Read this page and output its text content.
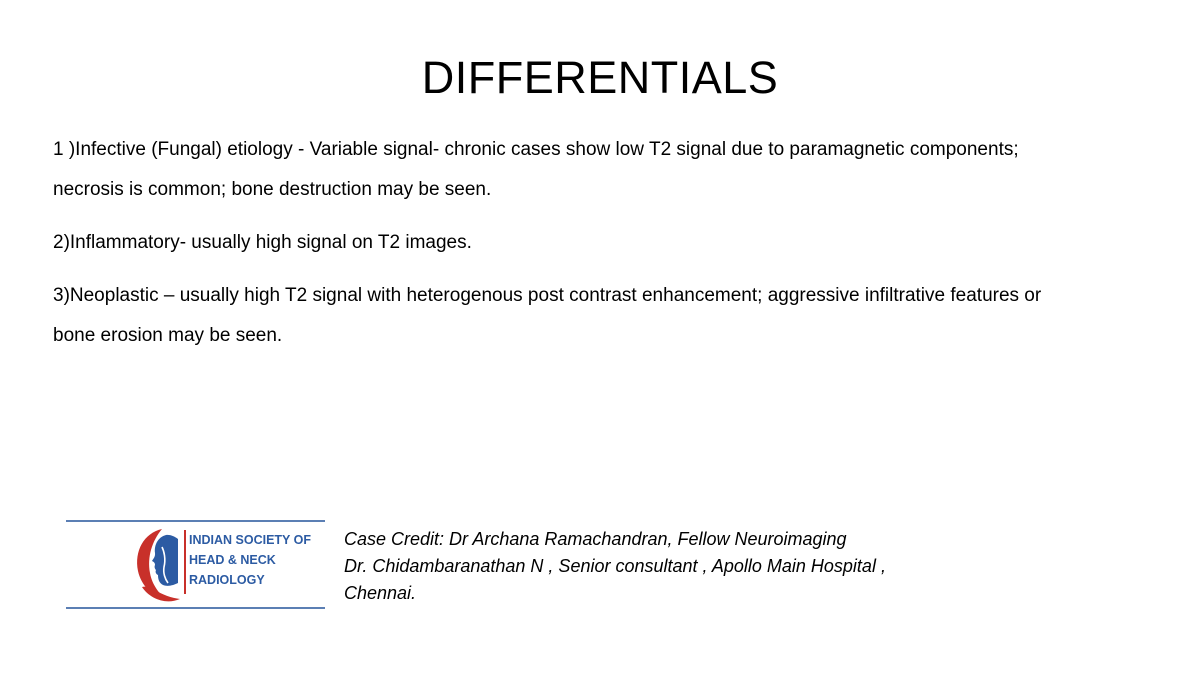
DIFFERENTIALS
1 )Infective (Fungal) etiology - Variable signal- chronic cases show low T2 signal due to paramagnetic components;
necrosis is common; bone destruction may be seen.
2)Inflammatory- usually high signal on T2 images.
3)Neoplastic – usually high T2 signal with heterogenous post contrast enhancement; aggressive infiltrative features or
bone erosion may be seen.
INDIAN SOCIETY OF
HEAD & NECK
RADIOLOGY
Case Credit: Dr Archana Ramachandran, Fellow Neuroimaging
Dr. Chidambaranathan N , Senior consultant , Apollo Main Hospital ,
Chennai.
